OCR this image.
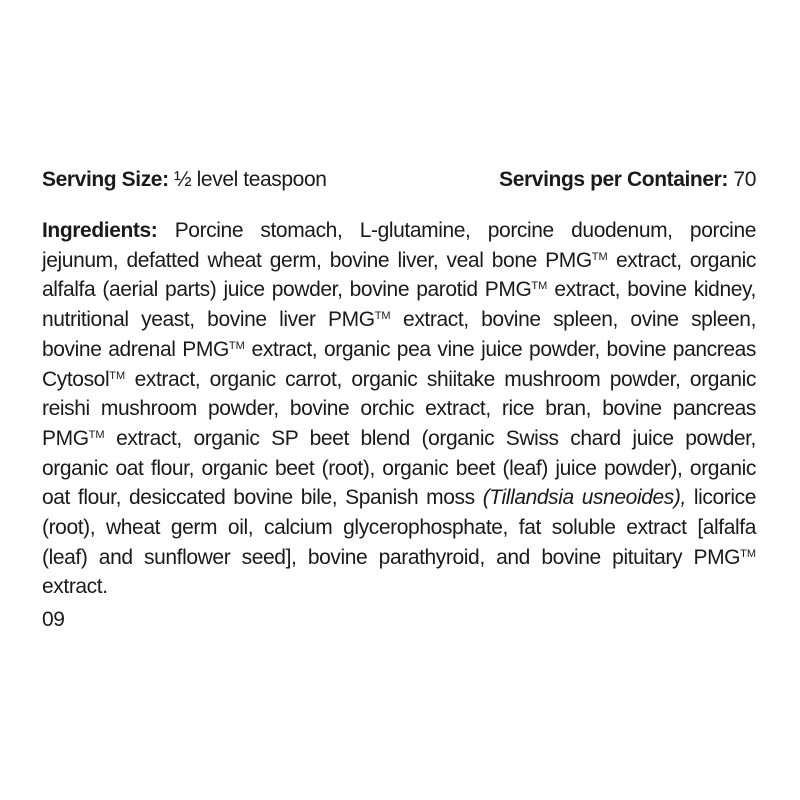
Serving Size: ½ level teaspoon	Servings per Container: 70

Ingredients: Porcine stomach, L-glutamine, porcine duodenum, porcine jejunum, defatted wheat germ, bovine liver, veal bone PMG™ extract, organic alfalfa (aerial parts) juice powder, bovine parotid PMG™ extract, bovine kidney, nutritional yeast, bovine liver PMG™ extract, bovine spleen, ovine spleen, bovine adrenal PMG™ extract, organic pea vine juice powder, bovine pancreas Cytosol™ extract, organic carrot, organic shiitake mushroom powder, organic reishi mushroom powder, bovine orchic extract, rice bran, bovine pancreas PMG™ extract, organic SP beet blend (organic Swiss chard juice powder, organic oat flour, organic beet (root), organic beet (leaf) juice powder), organic oat flour, desiccated bovine bile, Spanish moss (Tillandsia usneoides), licorice (root), wheat germ oil, calcium glycerophosphate, fat soluble extract [alfalfa (leaf) and sunflower seed], bovine parathyroid, and bovine pituitary PMG™ extract.

09
